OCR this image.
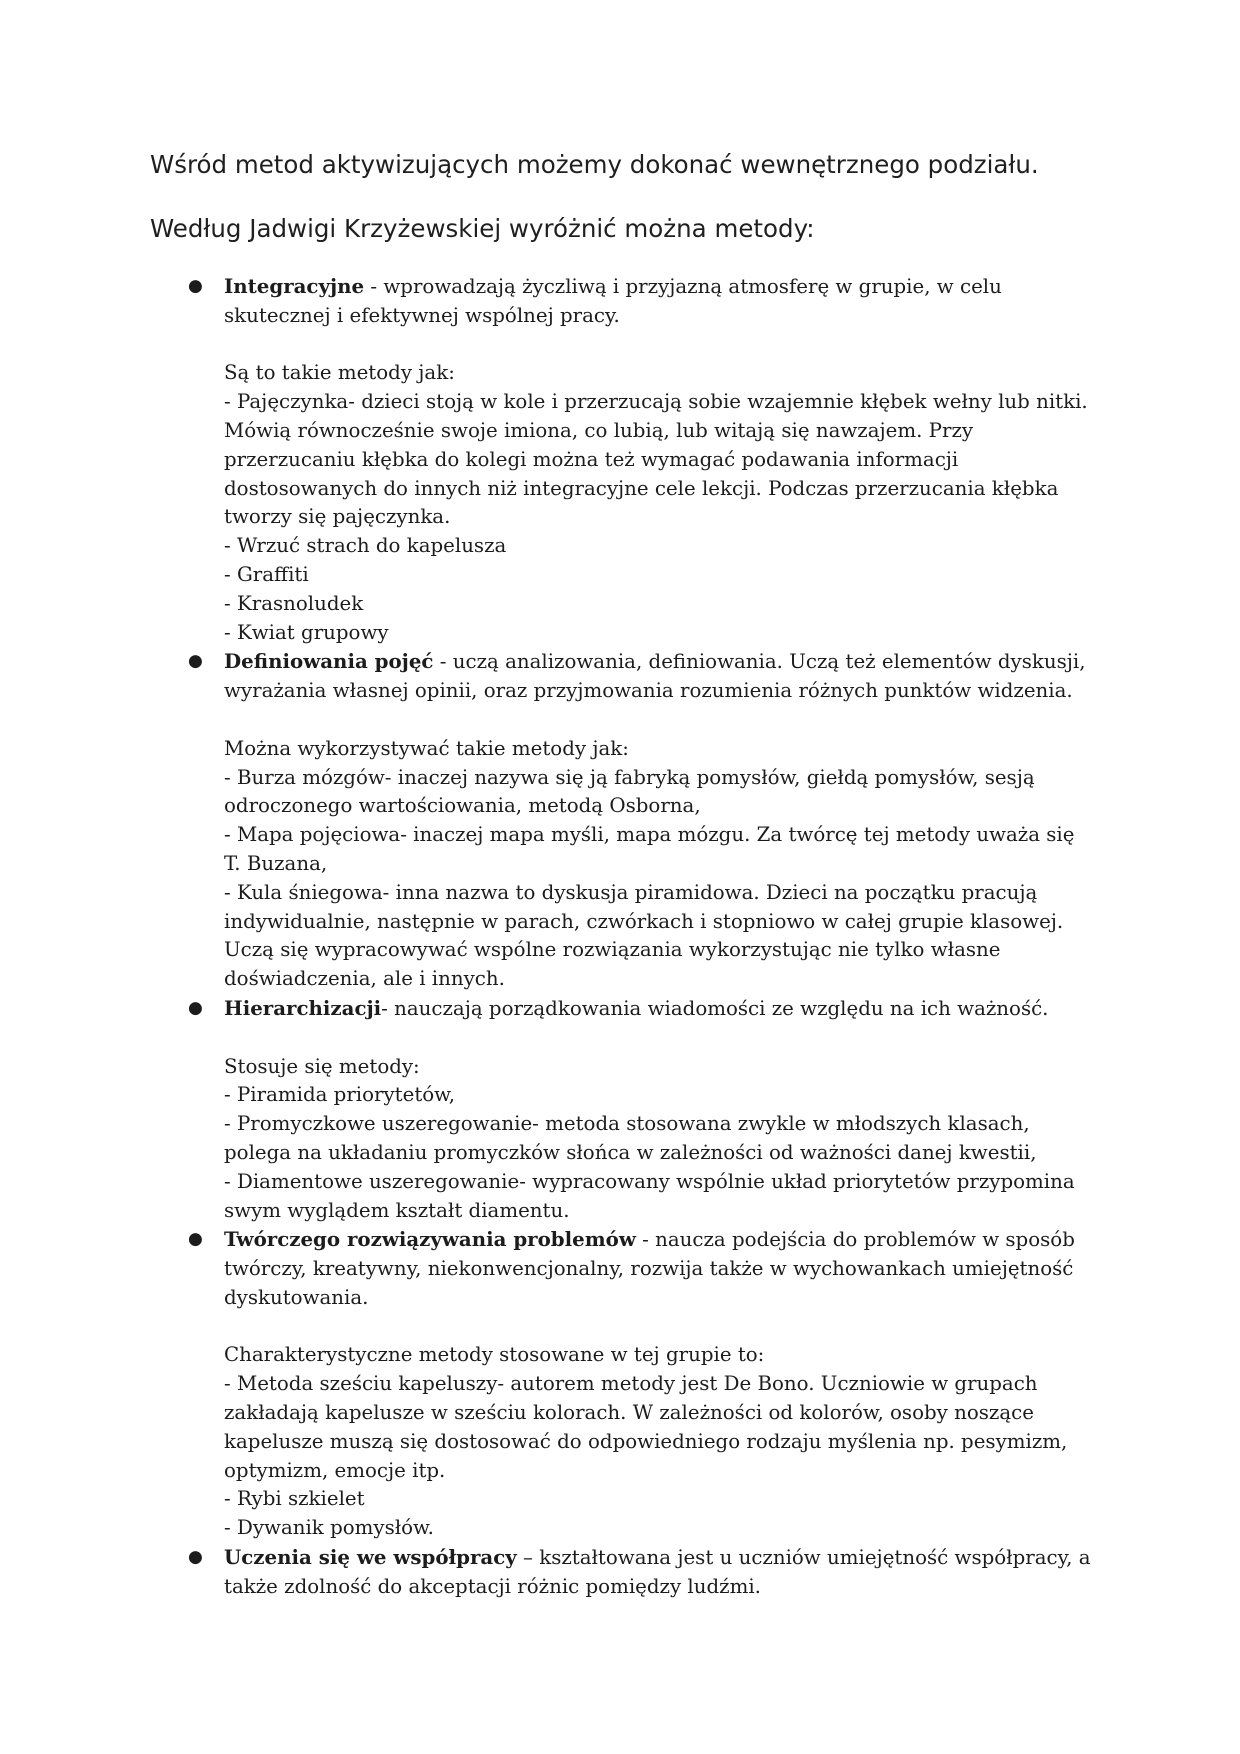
Wśród metod aktywizujących możemy dokonać wewnętrznego podziału.

Według Jadwigi Krzyżewskiej wyróżnić można metody:

● Integracyjne - wprowadzają życzliwą i przyjazną atmosferę w grupie, w celu skutecznej i efektywnej wspólnej pracy.

Są to takie metody jak:

- Pajęczynka- dzieci stoją w kole i przerzucają sobie wzajemnie kłębek wełny lub nitki. Mówią równocześnie swoje imiona, co lubią, lub witają się nawzajem. Przy przerzucaniu kłębka do kolegi można też wymagać podawania informacji dostosowanych do innych niż integracyjne cele lekcji. Podczas przerzucania kłębka tworzy się pajęczynka.

- Wrzuć strach do kapelusza

- Graffiti

- Krasnoludek

- Kwiat grupowy

● Definiowania pojęć - uczą analizowania, definiowania. Uczą też elementów dyskusji, wyrażania własnej opinii, oraz przyjmowania rozumienia różnych punktów widzenia.

Można wykorzystywać takie metody jak:

- Burza mózgów- inaczej nazywa się ją fabryką pomysłów, giełdą pomysłów, sesją odroczonego wartościowania, metodą Osborna,

- Mapa pojęciowa- inaczej mapa myśli, mapa mózgu. Za twórcę tej metody uważa się T. Buzana,

- Kula śniegowa- inna nazwa to dyskusja piramidowa. Dzieci na początku pracują indywidualnie, następnie w parach, czwórkach i stopniowo w całej grupie klasowej. Uczą się wypracowywać wspólne rozwiązania wykorzystując nie tylko własne doświadczenia, ale i innych.

● Hierarchizacji- nauczają porządkowania wiadomości ze względu na ich ważność.

Stosuje się metody:

- Piramida priorytetów,

- Promyczkowe uszeregowanie- metoda stosowana zwykle w młodszych klasach, polega na układaniu promyczków słońca w zależności od ważności danej kwestii,

- Diamentowe uszeregowanie- wypracowany wspólnie układ priorytetów przypomina swym wyglądem kształt diamentu.

● Twórczego rozwiązywania problemów - naucza podejścia do problemów w sposób twórczy, kreatywny, niekonwencjonalny, rozwija także w wychowankach umiejętność dyskutowania.

Charakterystyczne metody stosowane w tej grupie to:

- Metoda sześciu kapeluszy- autorem metody jest De Bono. Uczniowie w grupach zakładają kapelusze w sześciu kolorach. W zależności od kolorów, osoby noszące kapelusze muszą się dostosować do odpowiedniego rodzaju myślenia np. pesymizm, optymizm, emocje itp.

- Rybi szkielet

- Dywanik pomysłów.

● Uczenia się we współpracy – kształtowana jest u uczniów umiejętność współpracy, a także zdolność do akceptacji różnic pomiędzy ludźmi.
